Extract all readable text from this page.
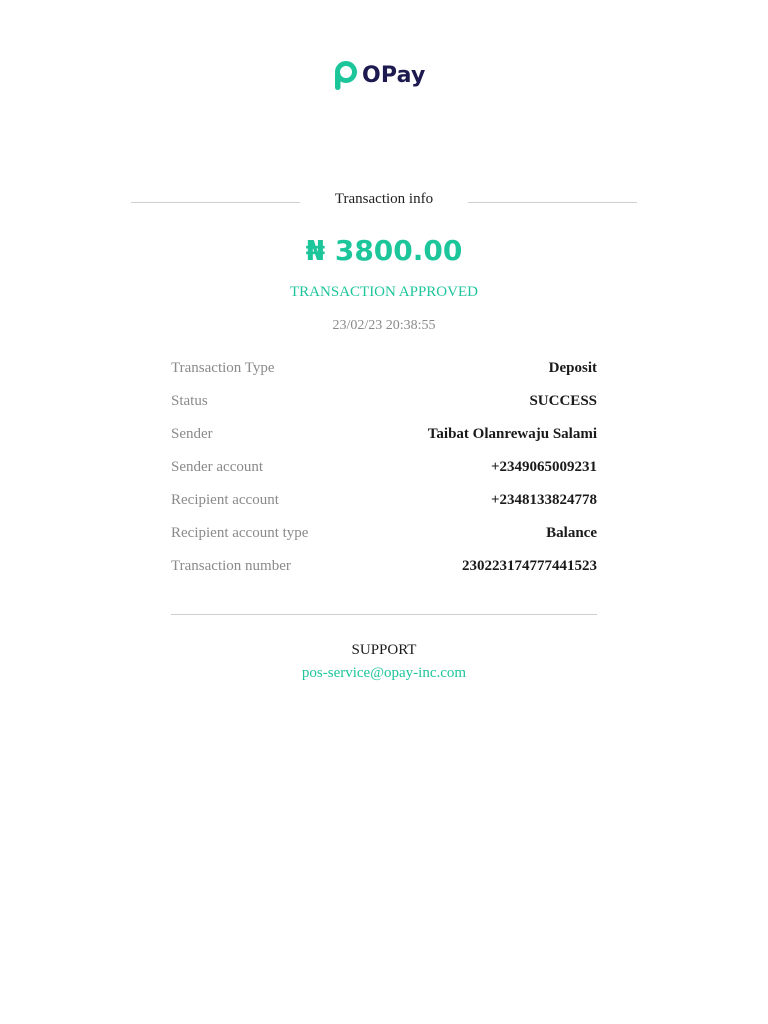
OPay
Transaction info
₦ 3800.00
TRANSACTION APPROVED
23/02/23 20:38:55
Transaction Type	Deposit
Status	SUCCESS
Sender	Taibat Olanrewaju Salami
Sender account	+2349065009231
Recipient account	+2348133824778
Recipient account type	Balance
Transaction number	230223174777441523
SUPPORT
pos-service@opay-inc.com
